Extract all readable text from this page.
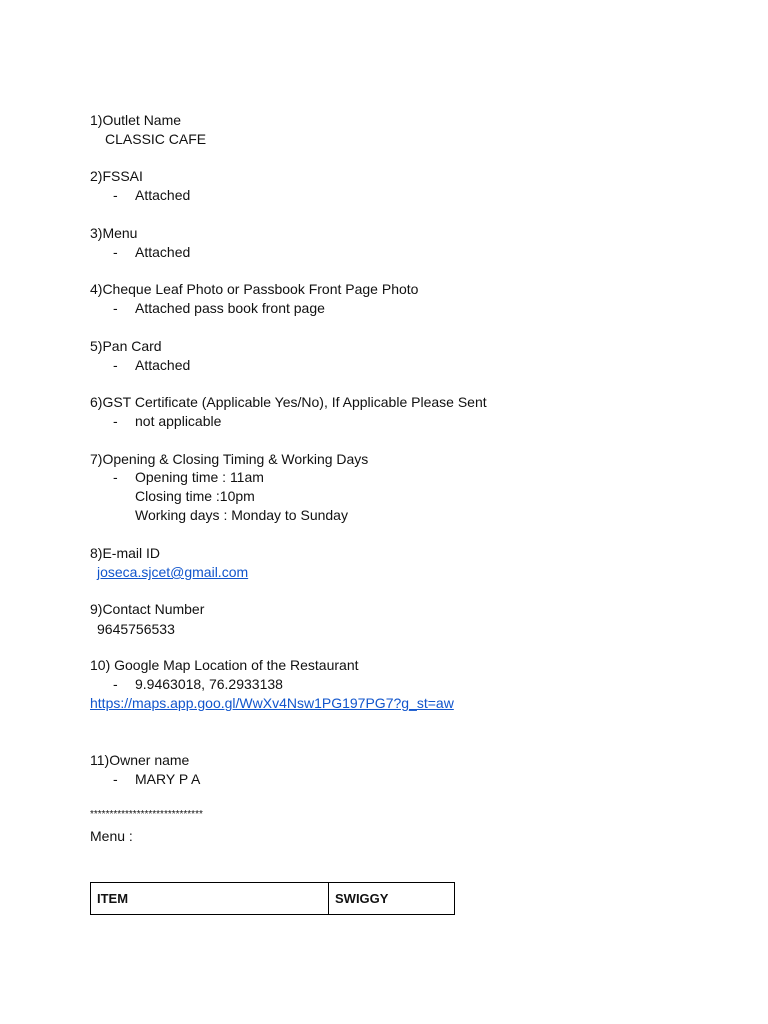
1)Outlet Name
CLASSIC CAFE
2)FSSAI
- Attached
3)Menu
- Attached
4)Cheque Leaf Photo or Passbook Front Page Photo
- Attached pass book front page
5)Pan Card
- Attached
6)GST Certificate (Applicable Yes/No), If Applicable Please Sent
- not applicable
7)Opening & Closing Timing & Working Days
- Opening time : 11am
Closing time :10pm
Working days : Monday to Sunday
8)E-mail ID
joseca.sjcet@gmail.com
9)Contact Number
9645756533
10) Google Map Location of the Restaurant
- 9.9463018, 76.2933138
https://maps.app.goo.gl/WwXv4Nsw1PG197PG7?g_st=aw
11)Owner name
- MARY P A
*****************************
Menu :
ITEM	SWIGGY
